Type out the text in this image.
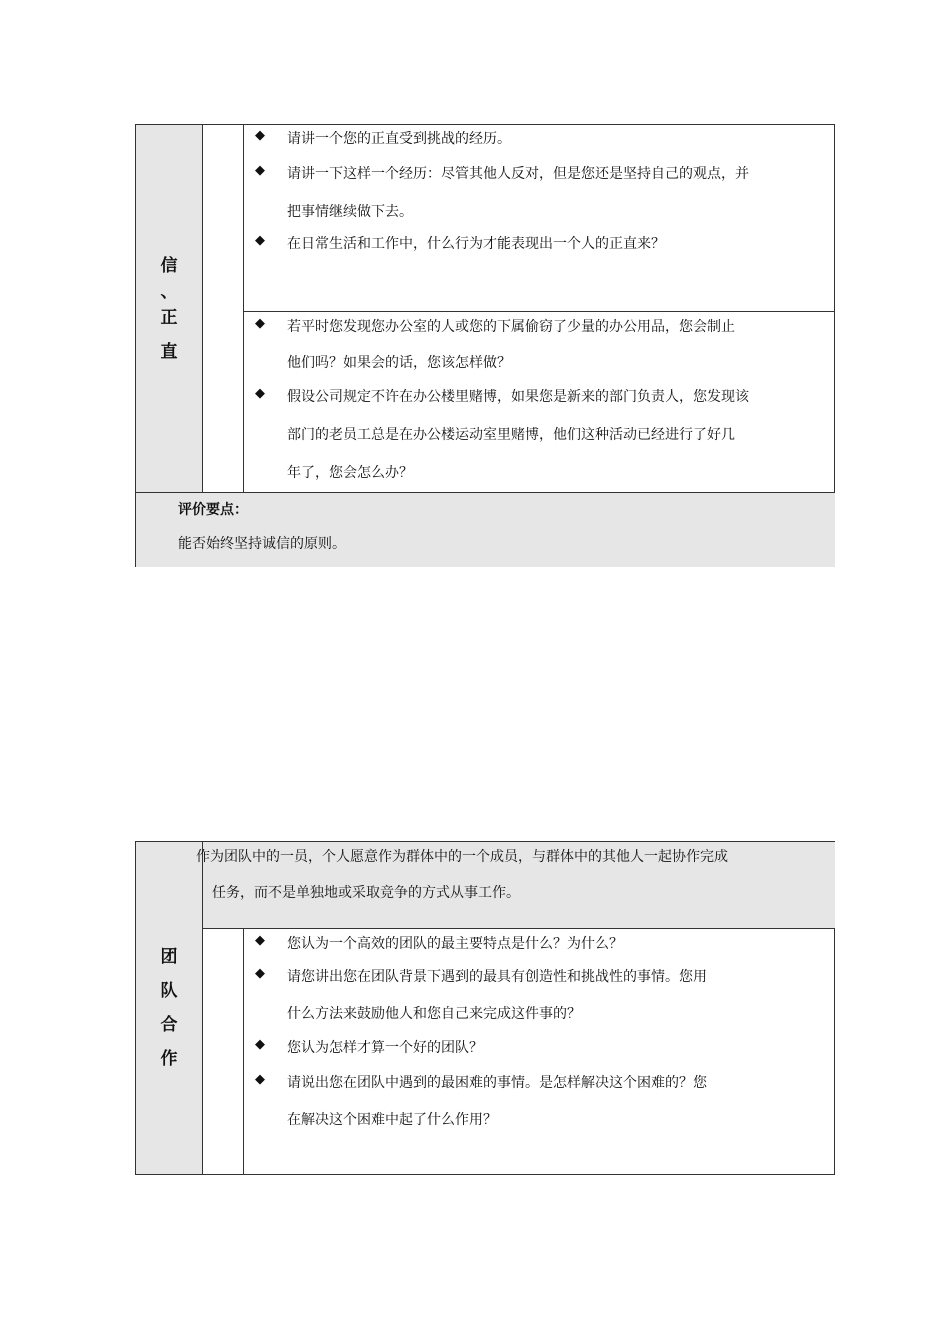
信
、
正
直
◆ 请讲一个您的正直受到挑战的经历。
◆ 请讲一下这样一个经历：尽管其他人反对，但是您还是坚持自己的观点，并
把事情继续做下去。
◆ 在日常生活和工作中，什么行为才能表现出一个人的正直来？
◆ 若平时您发现您办公室的人或您的下属偷窃了少量的办公用品，您会制止
他们吗？如果会的话，您该怎样做？
◆ 假设公司规定不许在办公楼里赌博，如果您是新来的部门负责人，您发现该
部门的老员工总是在办公楼运动室里赌博，他们这种活动已经进行了好几
年了，您会怎么办？
评价要点：
能否始终坚持诚信的原则。
团
队
合
作
作为团队中的一员，个人愿意作为群体中的一个成员，与群体中的其他人一起协作完成
任务，而不是单独地或采取竞争的方式从事工作。
◆ 您认为一个高效的团队的最主要特点是什么？为什么？
◆ 请您讲出您在团队背景下遇到的最具有创造性和挑战性的事情。您用
什么方法来鼓励他人和您自己来完成这件事的？
◆ 您认为怎样才算一个好的团队？
◆ 请说出您在团队中遇到的最困难的事情。是怎样解决这个困难的？您
在解决这个困难中起了什么作用？
